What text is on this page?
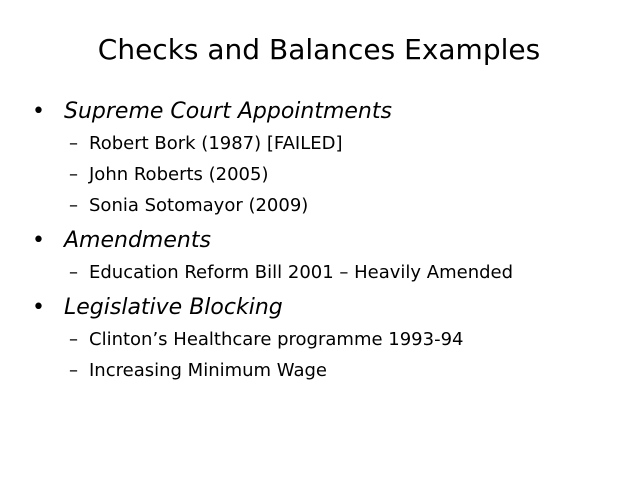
Checks and Balances Examples
• Supreme Court Appointments
– Robert Bork (1987) [FAILED]
– John Roberts (2005)
– Sonia Sotomayor (2009)
• Amendments
– Education Reform Bill 2001 – Heavily Amended
• Legislative Blocking
– Clinton’s Healthcare programme 1993-94
– Increasing Minimum Wage
